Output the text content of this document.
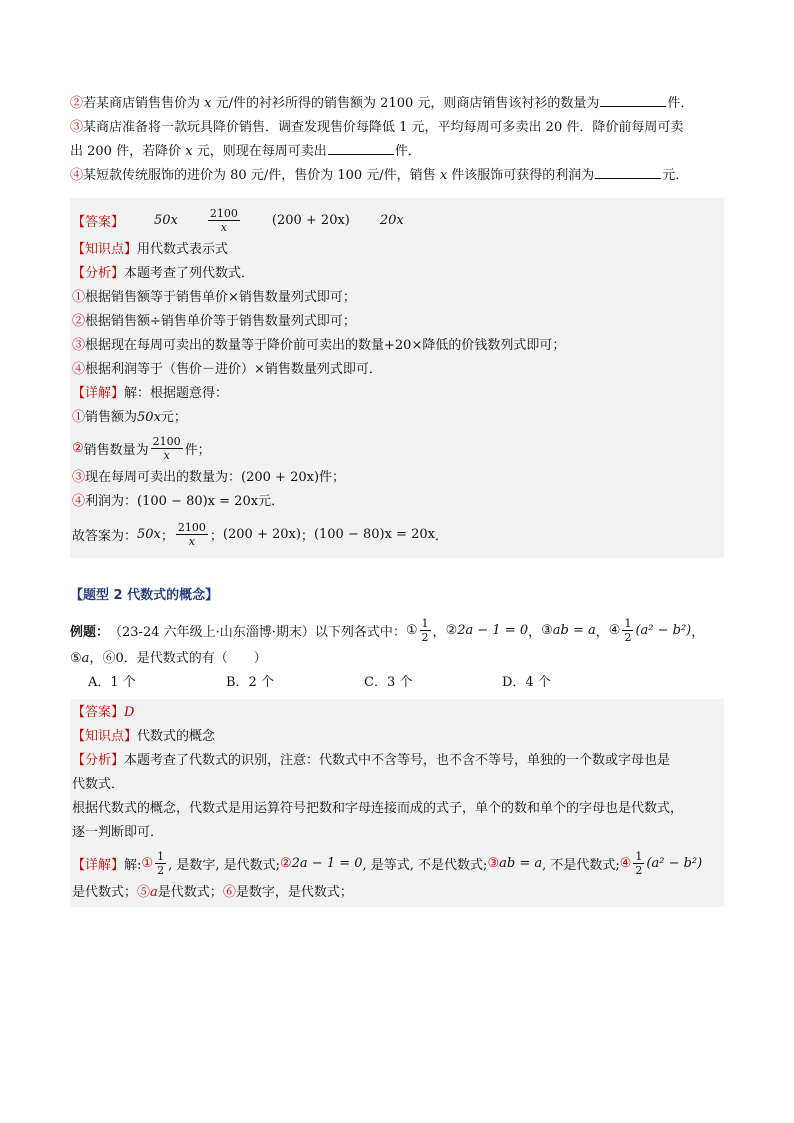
②若某商店销售售价为 x 元/件的衬衫所得的销售额为 2100 元，则商店销售该衬衫的数量为	件．
③某商店准备将一款玩具降价销售．调查发现售价每降低 1 元，平均每周可多卖出 20 件．降价前每周可卖
出 200 件，若降价 x 元，则现在每周可卖出	件．
④某短款传统服饰的进价为 80 元/件，售价为 100 元/件，销售 x 件该服饰可获得的利润为	元．
【答案】 50x	$\frac{2100}{x} (200 + 20x)$ 20x
【知识点】用代数式表示式
【分析】本题考查了列代数式．
①根据销售额等于销售单价×销售数量列式即可；
②根据销售额÷销售单价等于销售数量列式即可；
③根据现在每周可卖出的数量等于降价前可卖出的数量+20×降低的价钱数列式即可；
④根据利润等于（售价－进价）×销售数量列式即可．
【详解】解：根据题意得：
①销售额为50x元；
② 销售数量为 $\frac{2100}{x}$ 件；
③现在每周可卖出的数量为：(200 + 20x)件；
④利润为：(100 − 80)x = 20x元．
故答案为： 50x ； $\frac{2100}{x}$ ； (200 + 20x) ； (100 − 80)x = 20x ．
【题型 2 代数式的概念】
例题： （23-24 六年级上·山东淄博·期末）以下列各式中： ① $\frac{1}{2}$ ， ② 2a − 1 = 0 ， ③ ab = a ， ④ $\frac{1}{2} (a^2 - b^2)$ ，
⑤a，⑥0．是代数式的有（　　）
A．1 个	B．2 个	C．3 个	D．4 个
【答案】D
【知识点】代数式的概念
【分析】本题考查了代数式的识别，注意：代数式中不含等号，也不含不等号，单独的一个数或字母也是
代数式．
根据代数式的概念，代数式是用运算符号把数和字母连接而成的式子，单个的数和单个的字母也是代数式，
逐一判断即可．
【详解】 解: ① $\frac{1}{2}$ , 是数字, 是代数式; ② 2a − 1 = 0 , 是等式, 不是代数式; ③ ab = a , 不是代数式; ④ $\frac{1}{2} (a^2 - b^2)$
是代数式；⑤a是代数式；⑥是数字，是代数式；
